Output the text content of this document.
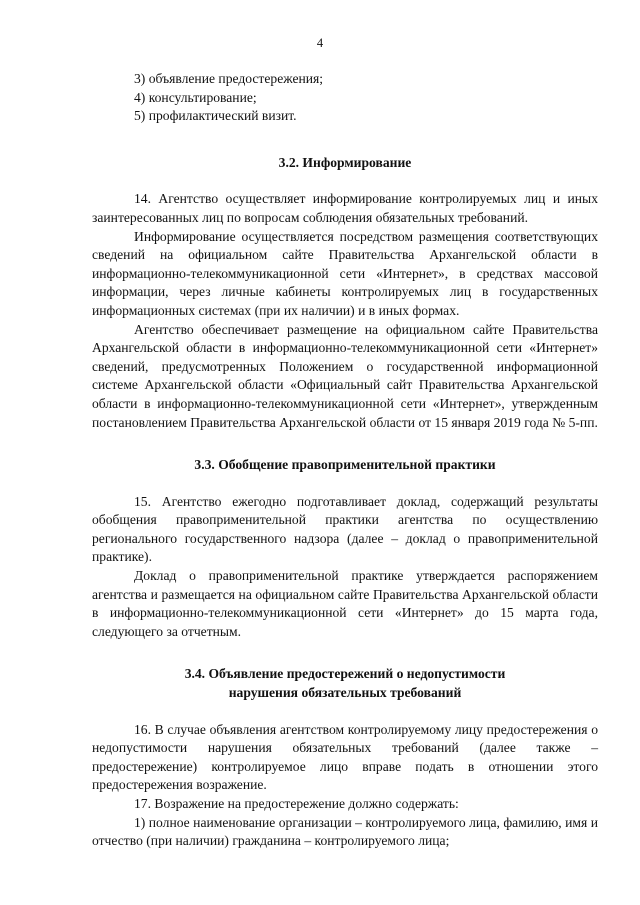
4
3) объявление предостережения;
4) консультирование;
5) профилактический визит.

3.2. Информирование

14. Агентство осуществляет информирование контролируемых лиц и иных заинтересованных лиц по вопросам соблюдения обязательных требований.

Информирование осуществляется посредством размещения соответствующих сведений на официальном сайте Правительства Архангельской области в информационно-телекоммуникационной сети «Интернет», в средствах массовой информации, через личные кабинеты контролируемых лиц в государственных информационных системах (при их наличии) и в иных формах.

Агентство обеспечивает размещение на официальном сайте Правительства Архангельской области в информационно-телекоммуникационной сети «Интернет» сведений, предусмотренных Положением о государственной информационной системе Архангельской области «Официальный сайт Правительства Архангельской области в информационно-телекоммуникационной сети «Интернет», утвержденным постановлением Правительства Архангельской области от 15 января 2019 года № 5-пп.

3.3. Обобщение правоприменительной практики

15. Агентство ежегодно подготавливает доклад, содержащий результаты обобщения правоприменительной практики агентства по осуществлению регионального государственного надзора (далее – доклад о правоприменительной практике).

Доклад о правоприменительной практике утверждается распоряжением агентства и размещается на официальном сайте Правительства Архангельской области в информационно-телекоммуникационной сети «Интернет» до 15 марта года, следующего за отчетным.

3.4. Объявление предостережений о недопустимости

нарушения обязательных требований

16. В случае объявления агентством контролируемому лицу предостережения о недопустимости нарушения обязательных требований (далее также – предостережение) контролируемое лицо вправе подать в отношении этого предостережения возражение.

17. Возражение на предостережение должно содержать:

1) полное наименование организации – контролируемого лица, фамилию, имя и отчество (при наличии) гражданина – контролируемого лица;
